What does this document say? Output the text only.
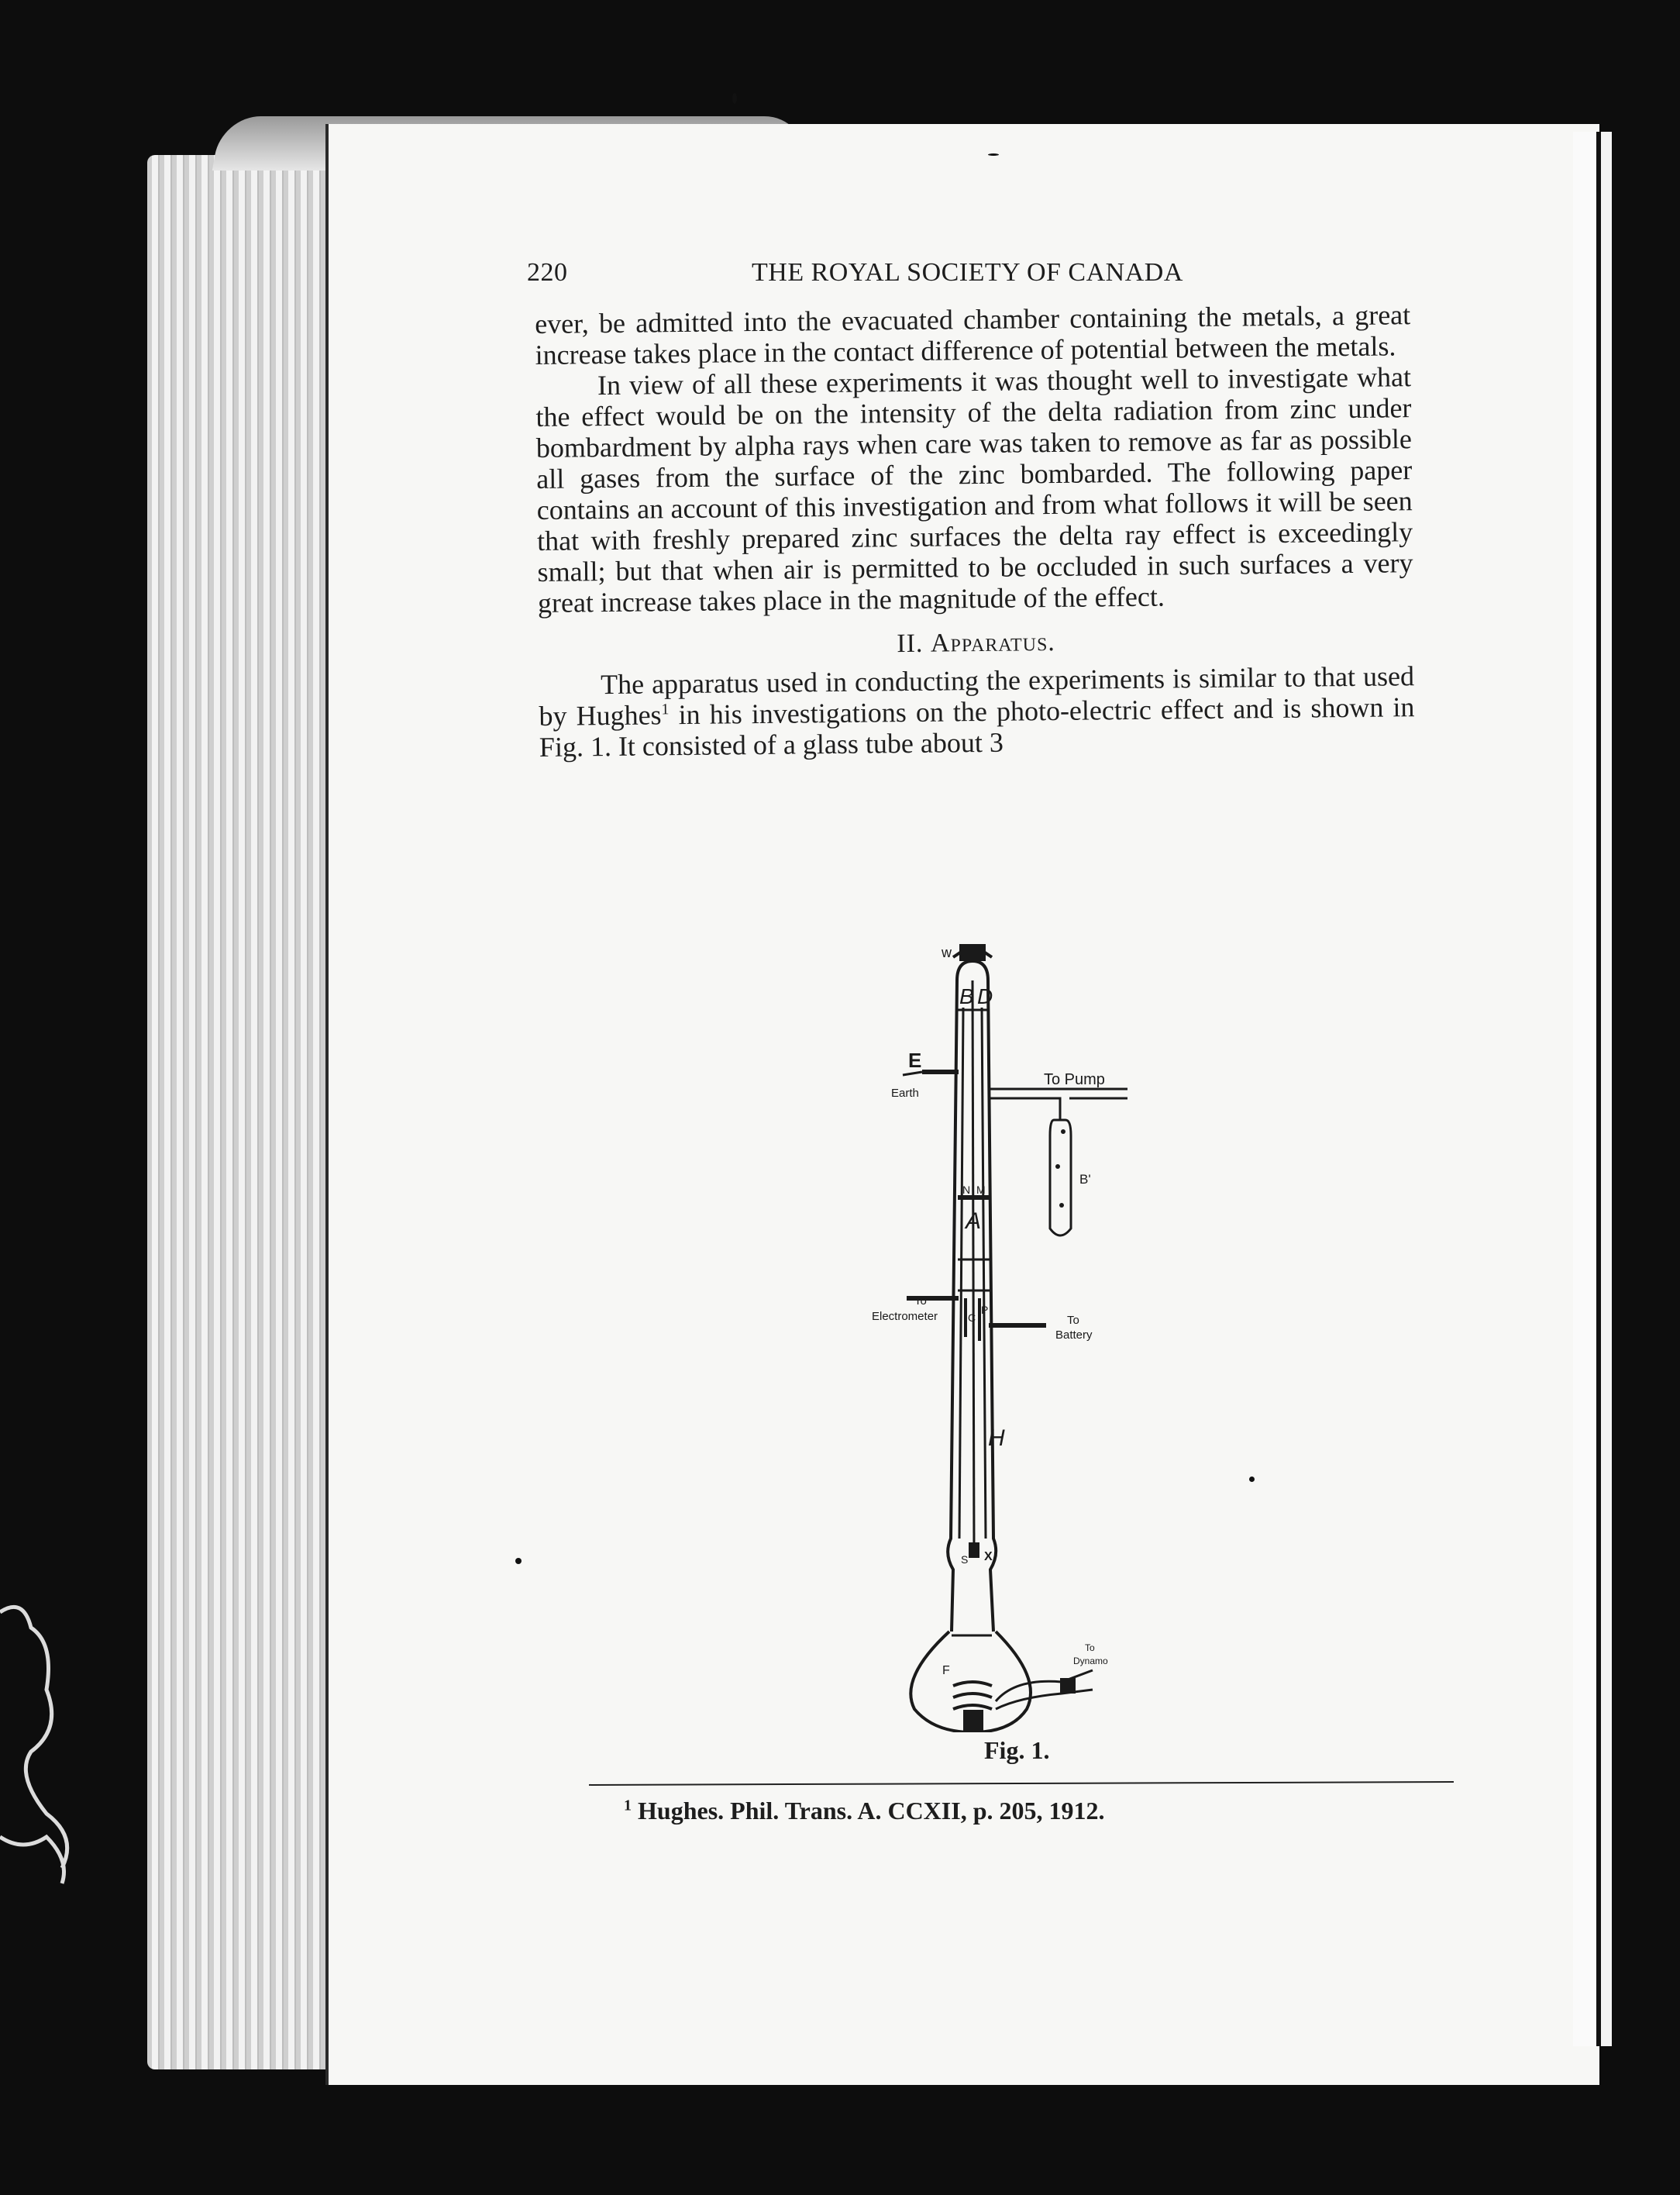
220	THE ROYAL SOCIETY OF CANADA

ever, be admitted into the evacuated chamber containing the metals, a great increase takes place in the contact difference of potential between the metals.

In view of all these experiments it was thought well to investigate what the effect would be on the intensity of the delta radiation from zinc under bombardment by alpha rays when care was taken to remove as far as possible all gases from the surface of the zinc bombarded. The following paper contains an account of this investigation and from what follows it will be seen that with freshly prepared zinc surfaces the delta ray effect is exceedingly small; but that when air is permitted to be occluded in such surfaces a very great increase takes place in the magnitude of the effect.

II. Apparatus.

The apparatus used in conducting the experiments is similar to that used by Hughes$^1$ in his investigations on the photo-electric effect and is shown in Fig. 1. It consisted of a glass tube about 3

w
B D
E
Earth
To Pump
B'
N M
A
To
Electrometer	C
P
To
Battery
H
S X
To
Dynamo
F
Fig. 1.
$^1$ Hughes. Phil. Trans. A. CCXII, p. 205, 1912.
